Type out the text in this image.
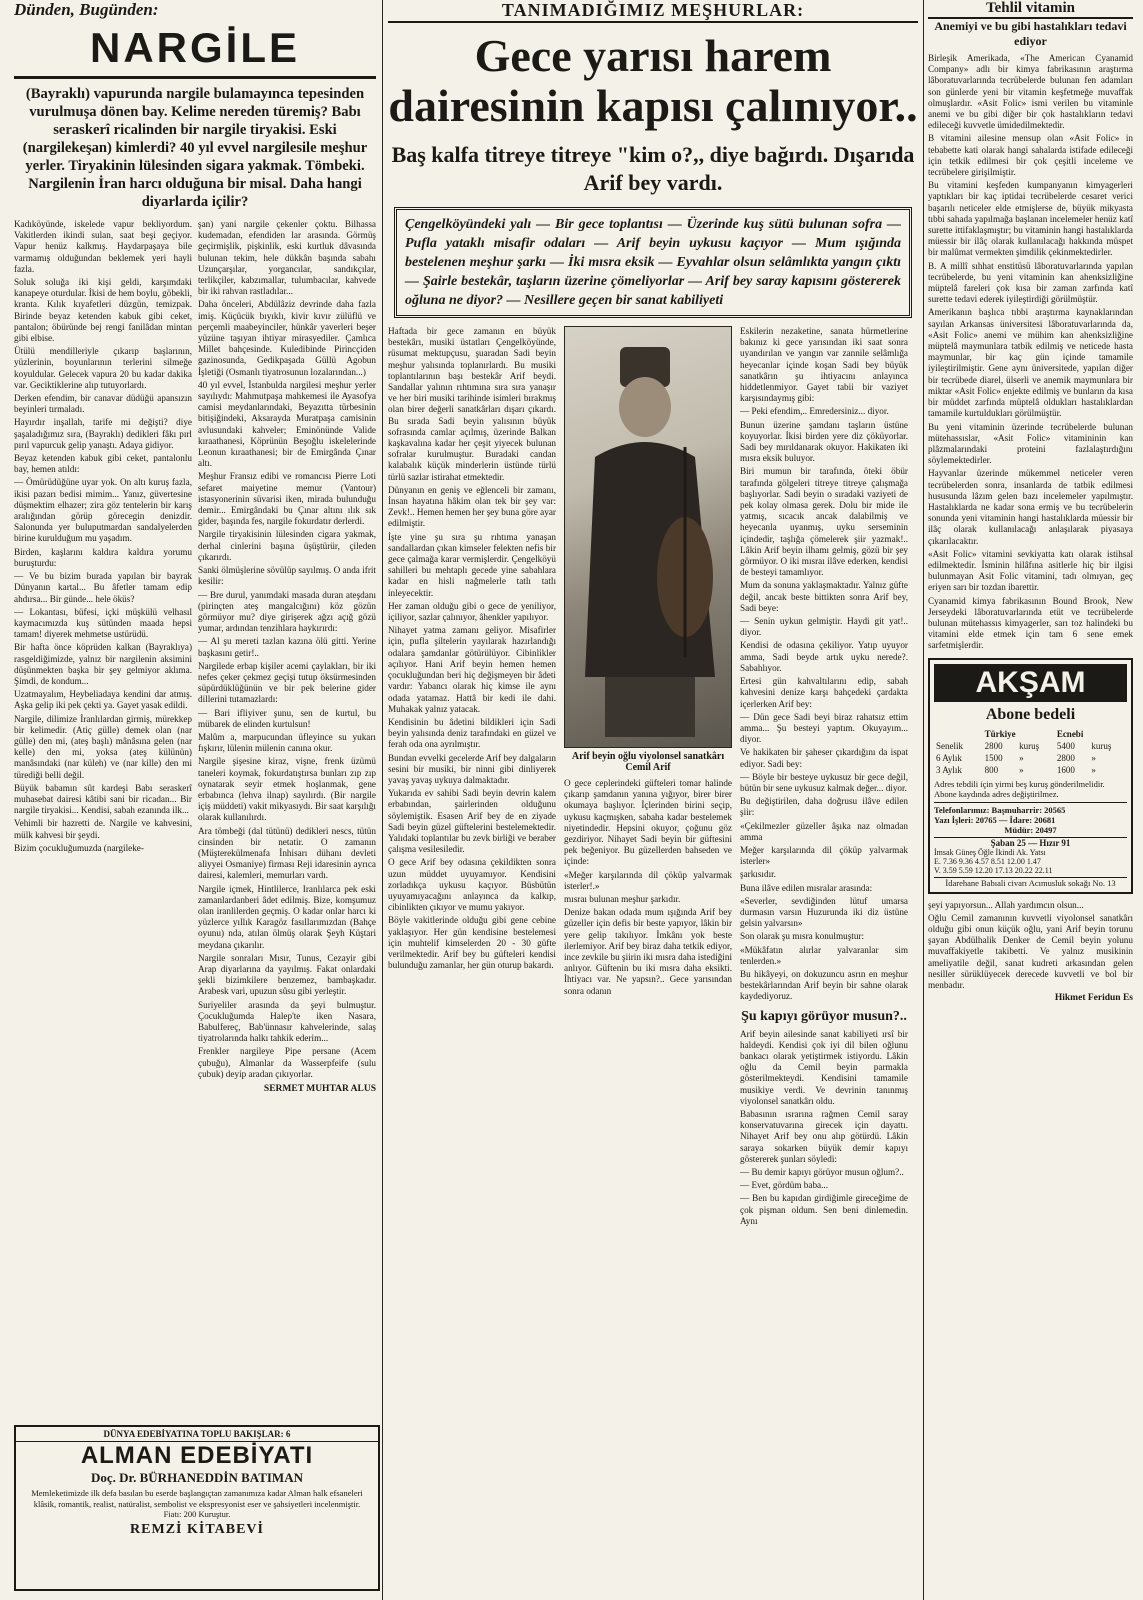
Dünden, Bugünden:

NARGİLE
(Bayraklı) vapurunda nargile bulamayınca tepesinden vurulmuşa dönen bay. Kelime nereden türemiş? Babı seraskerî ricalinden bir nargile tiryakisi. Eski (nargilekeşan) kimlerdi? 40 yıl evvel nargilesile meşhur yerler. Tiryakinin lülesinden sigara yakmak. Tömbeki. Nargilenin İran harcı olduğuna bir misal. Daha hangi diyarlarda içilir?

Kadıköyünde, iskelede vapur bekliyordum. Vakitlerden ikindi sulan, saat beşi geçiyor. Vapur henüz kalkmış. Haydarpaşaya bile varmamış olduğundan beklemek yeri hayli fazla.

Soluk soluğa iki kişi geldi, karşımdaki kanapeye oturdular. İkisi de hem boylu, göbekli, kranta. Kılık kıyafetleri düzgün, temizpak. Birinde beyaz ketenden kabuk gibi ceket, pantalon; öbüründe bej rengi fanilâdan mintan gibi elbise.

Ütülü mendilleriyle çıkarıp başlarının, yüzlerinin, boyunlarının terlerini silmeğe koyuldular. Gelecek vapura 20 bu kadar dakika var. Geciktiklerine alıp tutuyorlardı.

Derken efendim, bir canavar düdüğü apansızın beyinleri tırmaladı.

Hayırdır inşallah, tarife mi değişti? diye şaşaladığımız sıra, (Bayraklı) dedikleri fâkı pırl pırıl vapurcuk gelip yanaştı. Adaya gidiyor.

Beyaz ketenden kabuk gibi ceket, pantalonlu bay, hemen atıldı:

— Ömürüdüğüne uyar yok. On altı kuruş fazla, ikisi pazarı bedisi mimim... Yanız, güvertesine düşmektim elhazer; zira göz tentelerin bir karış aralığından görüp görecegin denizdir. Salonunda yer buluputmardan sandalyelerden birine kurulduğum mu yaşadım.

Birden, kaşlarını kaldıra kaldıra yorumu buruşturdu:

— Ve bu bizim burada yapılan bir bayrak Dünyanın kartal... Bu âfetler tamam edip ahdırsa... Bir günde... hele öküs?

— Lokantası, büfesi, içki müşkülü velhasıl kaymacımızda kuş sütünden maada hepsi tamam! diyerek mehmetse ustürüdü.

Bir hafta önce köprüden kalkan (Bayraklıya) rasgeldiğimizde, yalnız bir nargilenin aksimini düşünmekten başka bir şey gelmiyor aklıma. Şimdi, de kondum...

Uzatmayalım, Heybeliadaya kendini dar atmış. Aşka gelip iki pek çekti ya. Gayet yasak edildi.

Nargile, dilimize İranlılardan girmiş, mürekkep bir kelimedir. (Atiç gülle) demek olan (nar gülle) den mi, (ateş başlı) mânâsına gelen (nar kelle) den mi, yoksa (ateş külünün) manâsındaki (nar küleh) ve (nar kille) den mi türediği belli değil.

Büyük babamın sût kardeşi Babı seraskerî muhasebat dairesi kâtibi sani bir ricadan... Bir nargile tiryakisi... Kendisi, sabah ezanında ilk...

Vehimli bir hazretti de. Nargile ve kahvesini, mülk kahvesi bir şeydi.

Bizim çocukluğumuzda (nargileke-

şan) yani nargile çekenler çoktu. Bilhassa kudemadan, efendiden lar arasında. Görmüş geçirmişlik, pişkinlik, eski kurtluk dâvasında bulunan tekim, hele dükkân başında sabahı Uzunçarşılar, yorgancılar, sandıkçılar, terlikçiler, kabzımallar, tulumbacılar, kahvede bir iki rahvan rastladılar...

Daha önceleri, Abdülâziz devrinde daha fazla imiş. Küçücük bıyıklı, kivir kıvır zülüflü ve perçemli maabeyinciler, hünkâr yaverleri beşer yüzüne taşıyan ihtiyar mirasyediler. Çamlıca Millet bahçesinde. Kuledibinde Pirincçiden gazinosunda, Gedikpaşada Güllü Agobun İşletiği (Osmanlı tiyatrosunun lozalarından...)

40 yıl evvel, İstanbulda nargilesi meşhur yerler sayılıydı: Mahmutpaşa mahkemesi ile Ayasofya camisi meydanlarındaki, Beyazıtta türbesinin bitişiğindeki, Aksarayda Muratpaşa camisinin avlusundaki kahveler; Eminönünde Valide kıraathanesi, Köprünün Beşoğlu iskelelerinde Leonun kıraathanesi; bir de Emirgânda Çınar altı.

Meşhur Fransız edibi ve romancısı Pierre Loti sefaret maiyetine memur (Vantour) istasyonerinin süvarisi iken, mirada bulunduğu demir... Emirgândaki bu Çınar altını ılık sık gider, başında fes, nargile fokurdatır derlerdi.

Nargile tiryakisinin lülesinden cigara yakmak, derhal cinlerini başına üşüştürür, çileden çıkarırdı.

Sanki ölmüşlerine sövülüp sayılmış. O anda ifrit kesilir:

— Bre durul, yanımdaki masada duran ateşdanı (pirinçten ateş mangalcığını) köz gözün görmüyor mu? diye girişerek ağzı açığ gözü yumar, ardından tenzihlara haykırırdı:

— Al şu mereti tazlan kazına ölü gitti. Yerine başkasını getir!..

Nargilede erbap kişiler acemi çaylakları, bir iki nefes çeker çekmez geçişi tutup öksürmesinden süpürdüklüğünün ve bir pek belerine gider dillerini tutamazlardı:

— Bari ifliyiver şunu, sen de kurtul, bu mübarek de elinden kurtulsun!

Malûm a, marpucundan üfleyince su yukarı fışkırır, lülenin mülenin canına okur.

Nargile şişesine kiraz, vişne, frenk üzümü taneleri koymak, fokurdatıştırsa bunları zıp zıp oynatarak seyir etmek hoşlanmak, gene erbabınca (lehva ilnap) sayılırdı. (Bir nargile içiş müddeti) vakit mikyasıydı. Bir saat karşılığı olarak kullanılırdı.

Ara tömbeği (dal tütünü) dedikleri nescs, tütün cinsinden bir netatir. O zamanın (Müşterekülmenafa İnhisarı dühanı devleti aliyyei Osmaniye) firması Reji idaresinin ayrıca dairesi, kalemleri, memurları vardı.

Nargile içmek, Hintlilerce, Iranlılarca pek eski zamanlardanberi âdet edilmiş. Bize, komşumuz olan iranlilerden geçmiş. O kadar onlar harcı ki yüzlerce yıllık Karagöz fasıllarımızdan (Bahçe oyunu) nda, atılan ölmüş olarak Şeyh Küştari meydana çıkarılır.

Nargile sonraları Mısır, Tunus, Cezayir gibi Arap diyarlarına da yayılmış. Fakat onlardaki şekli bizimkilere benzemez, bambaşkadır. Arabesk vari, upuzun sûsu gibi yerleştir.

Suriyeliler arasında da şeyi bulmuştur. Çocukluğumda Halep'te iken Nasara, Babulfereç, Bab'ünnasır kahvelerinde, salaş tiyatrolarında halkı tahkik ederim...

Frenkler nargileye Pipe persane (Acem çubuğu), Almanlar da Wasserpfeife (sulu çubuk) deyip aradan çıkıyorlar.

SERMET MUHTAR ALUS
DÜNYA EDEBİYATINA TOPLU BAKIŞLAR: 6
ALMAN EDEBİYATI
Doç. Dr. BÜRHANEDDİN BATIMAN
Memleketimizde ilk defa basılan bu eserde başlangıçtan zamanımıza kadar Alman halk efsaneleri klâsik, romantik, realist, natüralist, sembolist ve ekspresyonist eser ve şahsiyetleri incelenmiştir. Fiatı: 200 Kuruştur.
REMZİ KİTABEVİ
TANIMADIĞIMIZ MEŞHURLAR:
Gece yarısı harem dairesinin kapısı çalınıyor..
Baş kalfa titreye titreye "kim o?,, diye bağırdı. Dışarıda Arif bey vardı.
Çengelköyündeki yalı — Bir gece toplantısı — Üzerinde kuş sütü bulunan sofra — Pufla yataklı misafir odaları — Arif beyin uykusu kaçıyor — Mum ışığında bestelenen meşhur şarkı — İki mısra eksik — Eyvahlar olsun selâmlıkta yangın çıktı — Şairle bestekâr, taşların üzerine çömeliyorlar — Arif bey saray kapısını göstererek oğluna ne diyor? — Nesillere geçen bir sanat kabiliyeti

Haftada bir gece zamanın en büyük bestekârı, musiki üstatları Çengelköyünde, rüsumat mektupçusu, şuaradan Sadi beyin meşhur yalısında toplanırlardı. Bu musiki toplantılarının başı bestekâr Arif beydi. Sandallar yalının rıhtımına sıra sıra yanaşır ve her biri musiki tarihinde isimleri bırakmış olan birer değerli sanatkârları dışarı çıkardı. Bu sırada Sadi beyin yalısının büyük sofrasında camlar açılmış, üzerinde Balkan kaşkavalına kadar her çeşit yiyecek bulunan sofralar kurulmuştur. Buradaki candan kalabalık küçük minderlerin üstünde türlü türlü sazlar istirahat etmektedir.

Dünyanın en geniş ve eğlenceli bir zamanı, İnsan hayatına hâkim olan tek bir şey var: Zevk!.. Hemen hemen her şey buna göre ayar edilmiştir.

İşte yine şu sıra şu rıhtıma yanaşan sandallardan çıkan kimseler felekten nefis bir gece çalmağa karar vermişlerdir. Çengelköyü sahilleri bu mehtaplı gecede yine sabahlara kadar en hisli nağmelerle tatlı tatlı inleyecektir.

Her zaman olduğu gibi o gece de yeniliyor, içiliyor, sazlar çalınıyor, âhenkler yapılıyor.

Nihayet yatma zamanı geliyor. Misafirler için, pufla şiltelerin yayılarak hazırlandığı odalara şamdanlar götürülüyor. Cibinlikler açılıyor. Hani Arif beyin hemen hemen çocukluğundan beri hiç değişmeyen bir âdeti vardır: Yabancı olarak hiç kimse ile aynı odada yatamaz. Hattâ bir kedi ile dahi. Muhakak yalnız yatacak.

Kendisinin bu âdetini bildikleri için Sadi beyin yalısında deniz tarafındaki en güzel ve ferah oda ona ayrılmıştır.

Bundan evvelki gecelerde Arif bey dalgaların sesini bir musiki, bir ninni gibi dinliyerek yavaş yavaş uykuya dalmaktadır.

Yukarıda ev sahibi Sadi beyin devrin kalem erbabından, şairlerinden olduğunu söylemiştik. Esasen Arif bey de en ziyade Sadi beyin güzel güftelerini bestelemektedir. Yalıdaki toplantılar bu zevk birliği ve beraber çalışma vesilesiledir.

O gece Arif bey odasına çekildikten sonra uzun müddet uyuyamıyor. Kendisini zorladıkça uykusu kaçıyor. Büsbütün uyuyamıyacağını anlayınca da kalkıp, cibinlikten çıkıyor ve mumu yakıyor.

Böyle vakitlerinde olduğu gibi gene cebine yaklaşıyor. Her gün kendisine bestelemesi için muhtelif kimselerden 20 - 30 güfte verilmektedir. Arif bey bu güfteleri kendisi bulunduğu zamanlar, her gün oturup bakardı.

Arif beyin oğlu viyolonsel sanatkârı Cemil Arif

O gece ceplerindeki güfteleri tomar halinde çıkarıp şamdanın yanına yığıyor, birer birer okumaya başlıyor. İçlerinden birini seçip, uykusu kaçmışken, sabaha kadar bestelemek niyetindedir. Hepsini okuyor, çoğunu göz gezdiriyor. Nihayet Sadi beyin bir güftesini pek beğeniyor. Bu güzellerden bahseden ve içinde:

«Meğer karşılarında dil çöküp yalvarmak isterler!.»

mısraı bulunan meşhur şarkıdır.

Denize bakan odada mum ışığında Arif bey güzeller için defis bir beste yapıyor, lâkin bir yere gelip takılıyor. İmkânı yok beste ilerlemiyor. Arif bey biraz daha tetkik ediyor, ince zevkile bu şiirin iki mısra daha istediğini anlıyor. Güftenin bu iki mısra daha eksikti. İhtiyacı var. Ne yapsın?.. Gece yarısından sonra odanın

Eskilerin nezaketine, sanata hürmetlerine bakınız ki gece yarısından iki saat sonra uyandırılan ve yangın var zannile selâmlığa heyecanlar içinde koşan Sadi bey büyük sanatkârın şu ihtiyacını anlayınca hiddetlenmiyor. Gayet tabii bir vaziyet karşısındaymış gibi:

— Peki efendim,.. Emredersiniz... diyor.

Bunun üzerine şamdanı taşların üstüne koyuyorlar. İkisi birden yere diz çöküyorlar. Sadi bey mırıldanarak okuyor. Hakikaten iki mısra eksik buluyor.

Biri mumun bir tarafında, öteki öbür tarafında gölgeleri titreye titreye çalışmağa başlıyorlar. Sadi beyin o sıradaki vaziyeti de pek kolay olmasa gerek. Dolu bir mide ile yatmış, sıcacık ancak dalabilmiş ve heyecanla uyanmış, uyku serseminin içindedir, taşlığa çömelerek şiir yazmak!.. Lâkin Arif beyin ilhamı gelmiş, gözü bir şey görmüyor. O iki mısraı ilâve ederken, kendisi de besteyi tamamlıyor.

Mum da sonuna yaklaşmaktadır. Yalnız güfte değil, ancak beste bittikten sonra Arif bey, Sadi beye:

— Senin uykun gelmiştir. Haydi git yat!.. diyor.

Kendisi de odasına çekiliyor. Yatıp uyuyor amma, Sadi beyde artık uyku nerede?. Sabahlıyor.

Ertesi gün kahvaltılarını edip, sabah kahvesini denize karşı bahçedeki çardakta içerlerken Arif bey:

— Dün gece Sadi beyi biraz rahatsız ettim amma... Şu besteyi yaptım. Okuyayım... diyor.

Ve hakikaten bir şaheser çıkardığını da ispat ediyor. Sadi bey:

— Böyle bir besteye uykusuz bir gece değil, bütün bir sene uykusuz kalmak değer... diyor.

Bu değiştirilen, daha doğrusu ilâve edilen şiir:

«Çekilmezler güzeller âşıka naz olmadan amma

Meğer karşılarında dil çöküp yalvarmak isterler»

şarkısıdır.

Buna ilâve edilen mısralar arasında:

«Severler, sevdiğinden lütuf umarsa durmasın varsın Huzurunda iki diz üstüne gelsin yalvarsın»

Son olarak şu mısra konulmuştur:

«Mükâfatın alırlar yalvaranlar sim tenlerden.»

Bu hikâyeyi, on dokuzuncu asrın en meşhur bestekârlarından Arif beyin bir sahne olarak kaydediyoruz.

Şu kapıyı görüyor musun?..

Arif beyin ailesinde sanat kabiliyeti ırsî bir haldeydi. Kendisi çok iyi dil bilen oğlunu bankacı olarak yetiştirmek istiyordu. Lâkin oğlu da Cemil beyin parmakla gösterilmekteydi. Kendisini tamamile musikiye verdi. Ve devrinin tanınmış viyolonsel sanatkârı oldu.

Babasının ısrarına rağmen Cemil saray konservatuvarına girecek için dayattı. Nihayet Arif bey onu alıp götürdü. Lâkin saraya sokarken büyük demir kapıyı göstererek şunları söyledi:

— Bu demir kapıyı görüyor musun oğlum?..

— Evet, gördüm baba...

— Ben bu kapıdan girdiğimle gireceğime de çok pişman oldum. Sen beni dinlemedin. Aynı

Tehlil vitamin
Anemiyi ve bu gibi hastalıkları tedavi ediyor

Birleşik Amerikada, «The American Cyanamid Company» adlı bir kimya fabrikasının araştırma lâboratuvarlarında tecrübelerde bulunan fen adamları son günlerde yeni bir vitamin keşfetmeğe muvaffak olmuşlardır. «Asit Folic» ismi verilen bu vitaminle anemi ve bu gibi diğer bir çok hastalıkların tedavi edileceği kuvvetle ümidedilmektedir.

B vitamini ailesine mensup olan «Asit Folic» in tebabette kati olarak hangi sahalarda istifade edileceği için tetkik edilmesi bir çok çeşitli inceleme ve tecrübelere girişilmiştir.

Bu vitamini keşfeden kumpanyanın kimyagerleri yaptıkları bir kaç iptidai tecrübelerde cesaret verici başarılı neticeler elde etmişlerse de, büyük mikyasta tıbbi sahada yapılmağa başlanan incelemeler henüz katî surette ittifaklaşmıştır; bu vitaminin hangi hastalıklarda müessir bir ilâç olarak kullanılacağı hakkında müspet bir malûmat vermekten şimdilik çekinmektedirler.

B. A millî sıhhat enstitüsü lâboratuvarlarında yapılan tecrübelerde, bu yeni vitaminin kan ahenksizliğine müptelâ fareleri çok kısa bir zaman zarfında katî surette tedavi ederek iyileştirdiği görülmüştür.

Amerikanın başlıca tıbbi araştırma kaynaklarından sayılan Arkansas üniversitesi lâboratuvarlarında da, «Asit Folic» anemi ve mühim kan ahenksizliğine müptelâ maymunlara tatbik edilmiş ve neticede hasta maymunlar, bir kaç gün içinde tamamile iyileştirilmiştir. Gene aynı üniversitede, yapılan diğer bir tecrübede diarel, ülserli ve anemik maymunlara bir miktar «Asit Folic» enjekte edilmiş ve bunların da kısa bir müddet zarfında müptelâ oldukları hastalıklardan tamamile kurtuldukları görülmüştür.

Bu yeni vitaminin üzerinde tecrübelerde bulunan mütehassıslar, «Asit Folic» vitamininin kan plâzmalarındaki proteini fazlalaştırdığını söylemektedirler.

Hayvanlar üzerinde mükemmel neticeler veren tecrübelerden sonra, insanlarda de tatbik edilmesi hususunda lâzım gelen bazı incelemeler yapılmıştır. Hastalıklarda ne kadar sona ermiş ve bu tecrübelerin sonunda yeni vitaminin hangi hastalıklarda müessir bir ilâç olarak kullanılacağı anlaşılarak piyasaya çıkarılacaktır.

«Asit Folic» vitamini sevkiyatta katı olarak istihsal edilmektedir. İsminin hilâfına asitlerle hiç bir ilgisi bulunmayan Asit Folic vitamini, tadı olmıyan, geç eriyen sarı bir tozdan ibarettir.

Cyanamid kimya fabrikasının Bound Brook, New Jerseydeki lâboratuvarlarında etüt ve tecrübelerde bulunan mütehassıs kimyagerler, sarı toz halindeki bu vitamini elde etmek için tam 6 sene emek sarfetmişlerdir.

AKŞAM
Abone bedeli
	Türkiye		Ecnebi	
Senelik	2800	kuruş	5400	kuruş
6 Aylık	1500	»	2800	»
3 Aylık	800	»	1600	»
Adres tebdili için yirmi beş kuruş gönderilmelidir. Abone kaydında adres değiştirilmez.
Telefonlarımız: Başmuharrir: 20565
Yazı İşleri: 20765 — İdare: 20681
Müdür: 20497
Şaban 25 — Hızır 91
İmsak Güneş Öğle İkindi Ak. Yatsı
E. 7.36 9.36 4.57 8.51 12.00 1.47
V. 3.59 5.59 12.20 17.13 20.22 22.11
İdarehane Babıali civarı Acımusluk sokağı No. 13

şeyi yapıyorsun... Allah yardımcın olsun...

Oğlu Cemil zamanının kuvvetli viyolonsel sanatkârı olduğu gibi onun küçük oğlu, yani Arif beyin torunu şayan Abdülhalik Denker de Cemil beyin yolunu muvaffakiyetle takibetti. Ve yalnız musikinin ameliyatile değil, sanat kudreti arkasından gelen nesiller sürüklüyecek derecede kuvvetli ve bol bir menbadır.

Hikmet Feridun Es
